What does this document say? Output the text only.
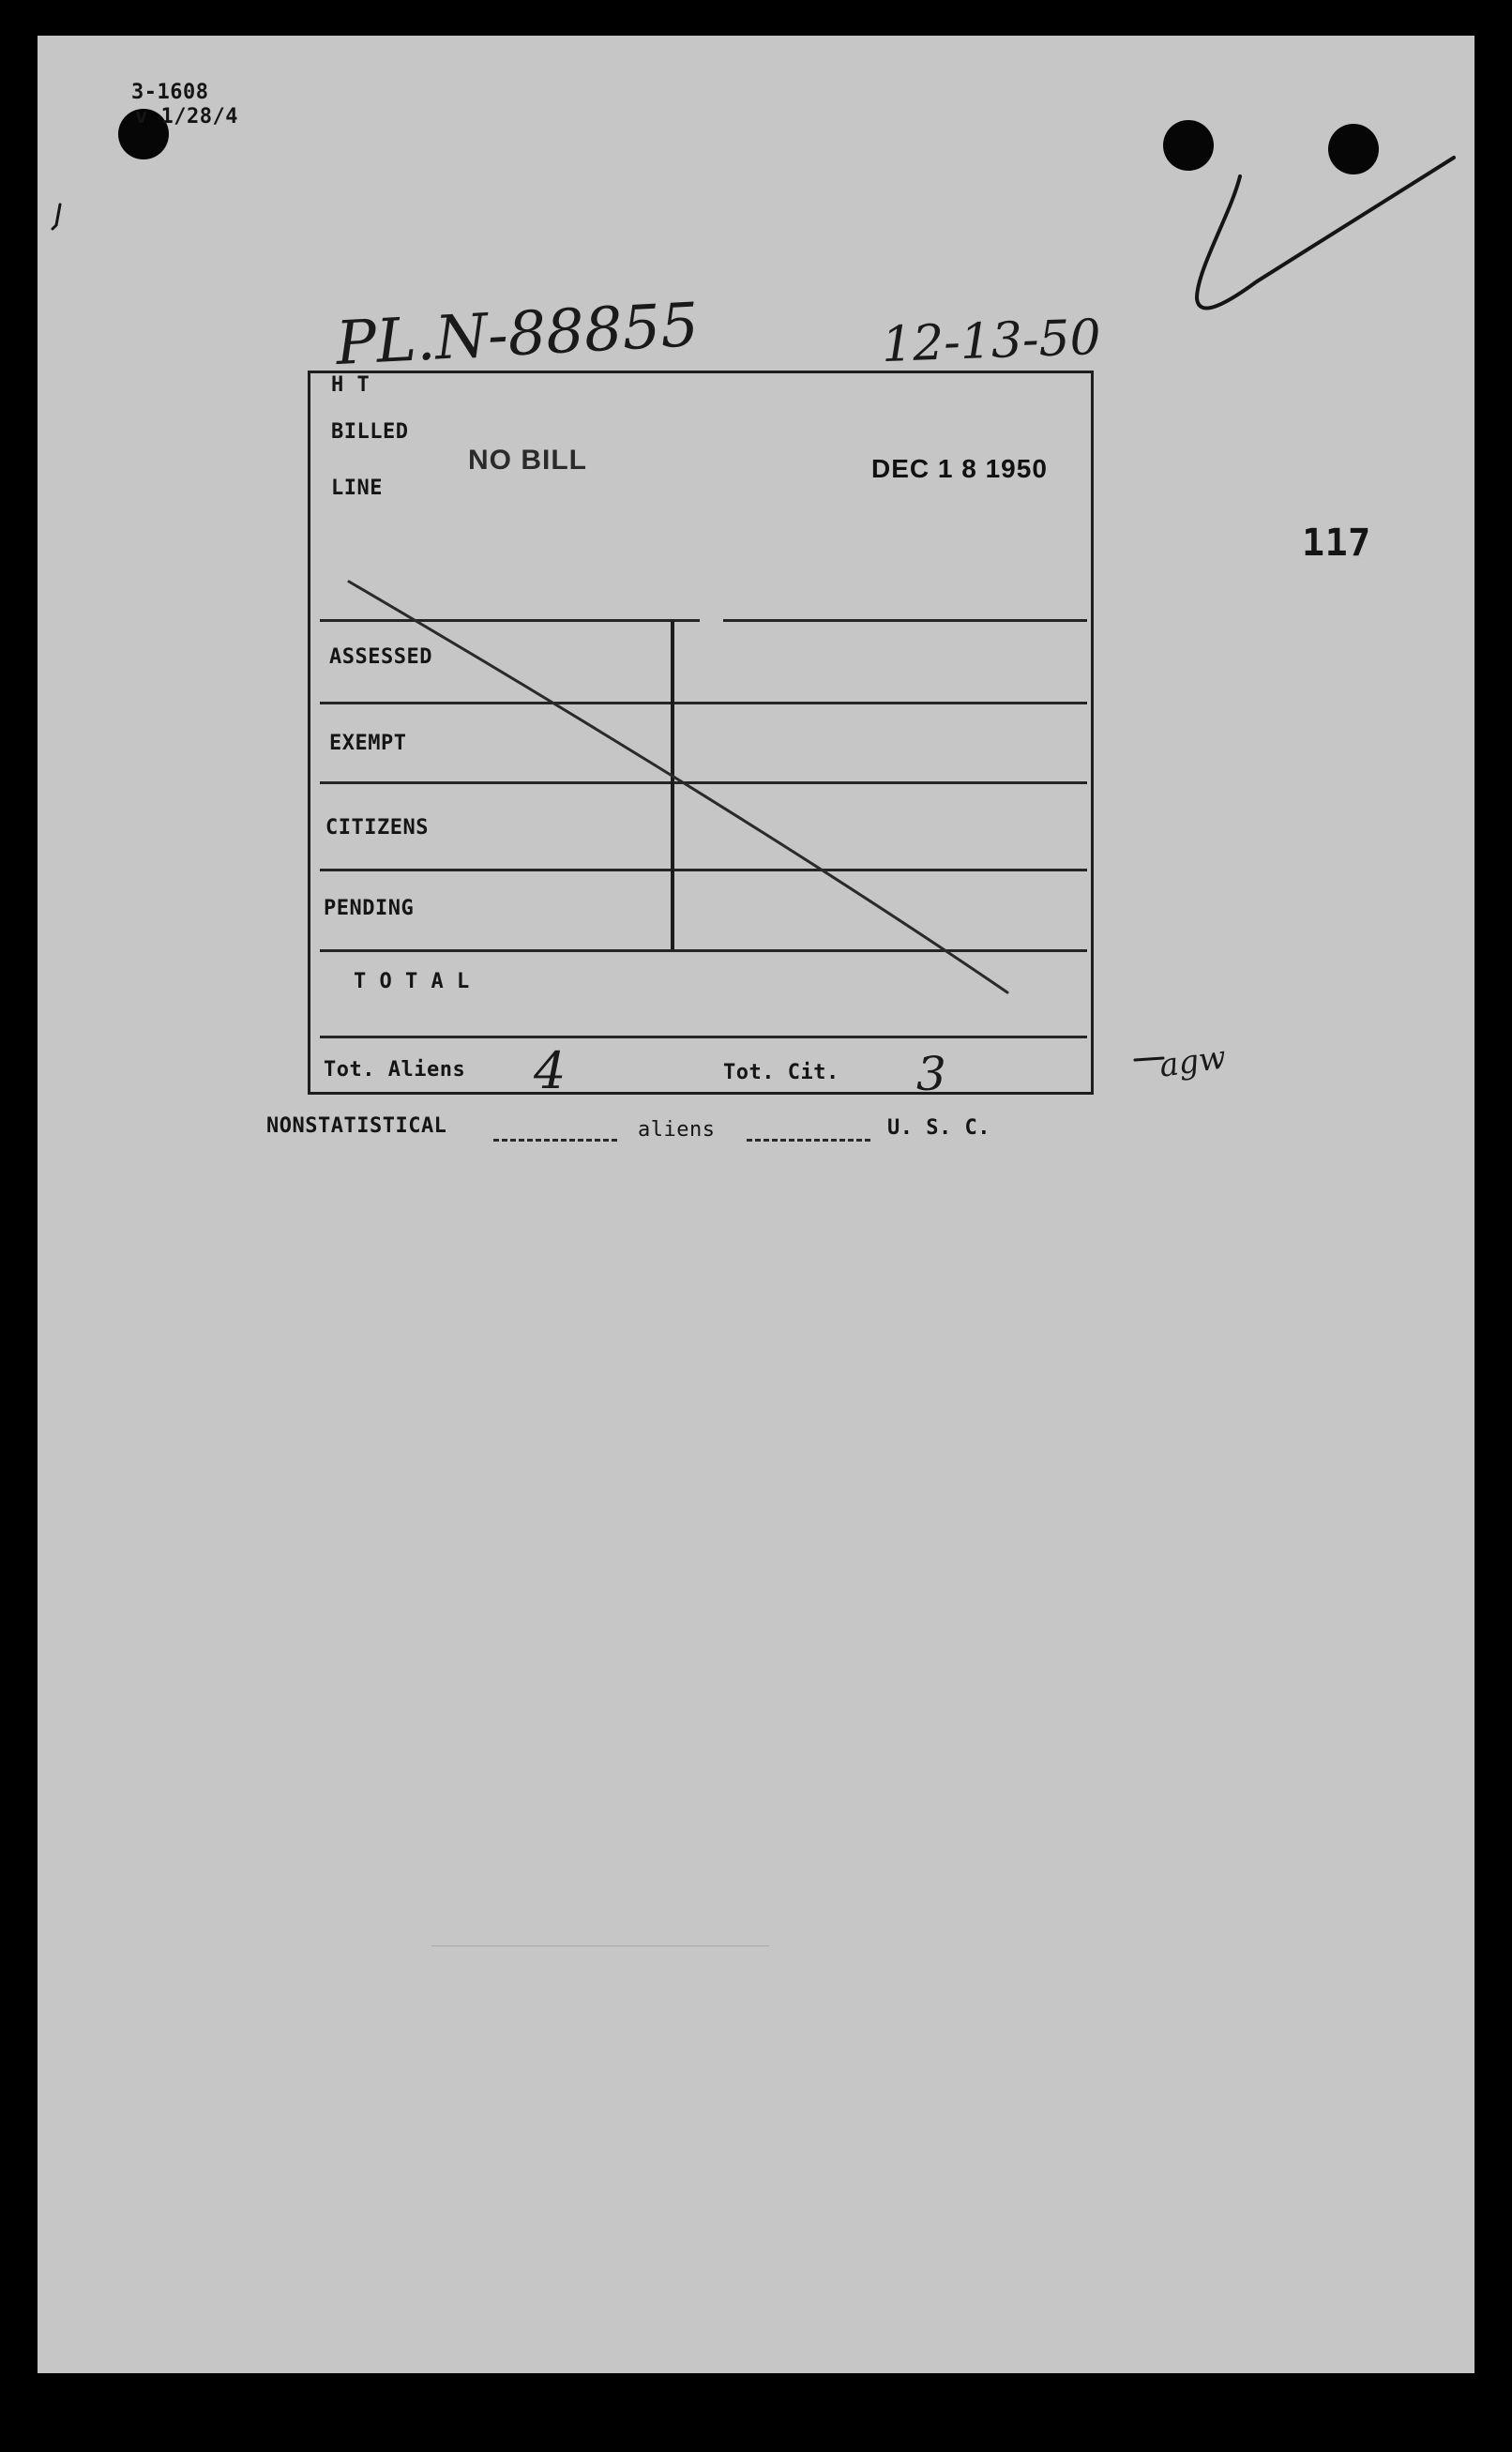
3-1608
v 1/28/4
PL.N-88855	12-13-50
117
H T
BILLED
LINE
NO BILL	DEC 1 8 1950
ASSESSED
EXEMPT
CITIZENS
PENDING
T O T A L
Tot. Aliens 4	Tot. Cit. 3
NONSTATISTICAL	aliens	U. S. C.
agw
